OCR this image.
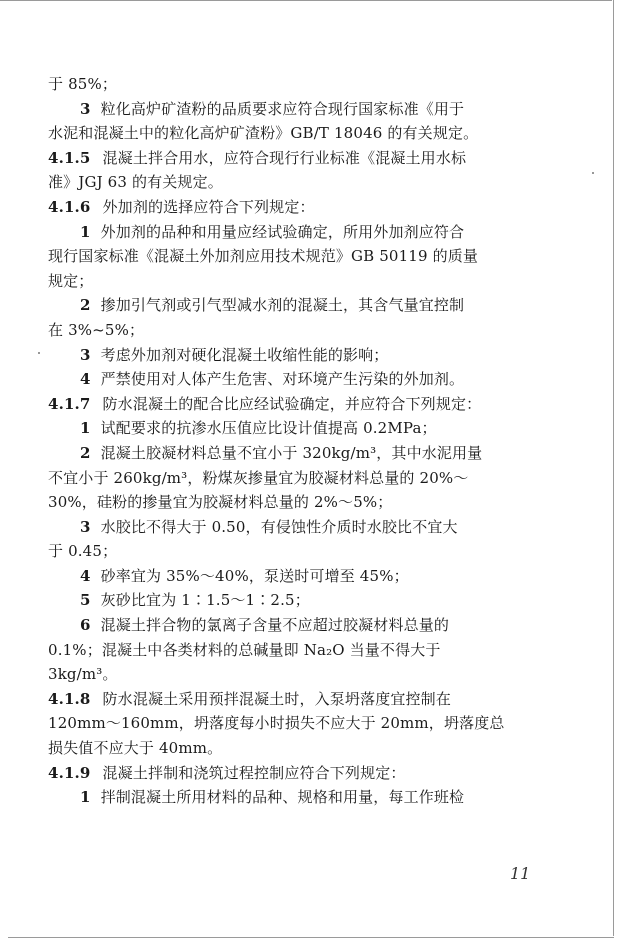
于 85%；
3 粒化高炉矿渣粉的品质要求应符合现行国家标准《用于
水泥和混凝土中的粒化高炉矿渣粉》GB/T 18046 的有关规定。
4.1.5 混凝土拌合用水，应符合现行行业标准《混凝土用水标
准》JGJ 63 的有关规定。
4.1.6 外加剂的选择应符合下列规定：
1 外加剂的品种和用量应经试验确定，所用外加剂应符合
现行国家标准《混凝土外加剂应用技术规范》GB 50119 的质量
规定；
2 掺加引气剂或引气型减水剂的混凝土，其含气量宜控制
在 3%~5%；
3 考虑外加剂对硬化混凝土收缩性能的影响；
4 严禁使用对人体产生危害、对环境产生污染的外加剂。
4.1.7 防水混凝土的配合比应经试验确定，并应符合下列规定：
1 试配要求的抗渗水压值应比设计值提高 0.2MPa；
2 混凝土胶凝材料总量不宜小于 320kg/m³，其中水泥用量
不宜小于 260kg/m³，粉煤灰掺量宜为胶凝材料总量的 20%～
30%，硅粉的掺量宜为胶凝材料总量的 2%～5%；
3 水胶比不得大于 0.50，有侵蚀性介质时水胶比不宜大
于 0.45；
4 砂率宜为 35%～40%，泵送时可增至 45%；
5 灰砂比宜为 1∶1.5～1∶2.5；
6 混凝土拌合物的氯离子含量不应超过胶凝材料总量的
0.1%；混凝土中各类材料的总碱量即 Na₂O 当量不得大于
3kg/m³。
4.1.8 防水混凝土采用预拌混凝土时，入泵坍落度宜控制在
120mm～160mm，坍落度每小时损失不应大于 20mm，坍落度总
损失值不应大于 40mm。
4.1.9 混凝土拌制和浇筑过程控制应符合下列规定：
1 拌制混凝土所用材料的品种、规格和用量，每工作班检
11
